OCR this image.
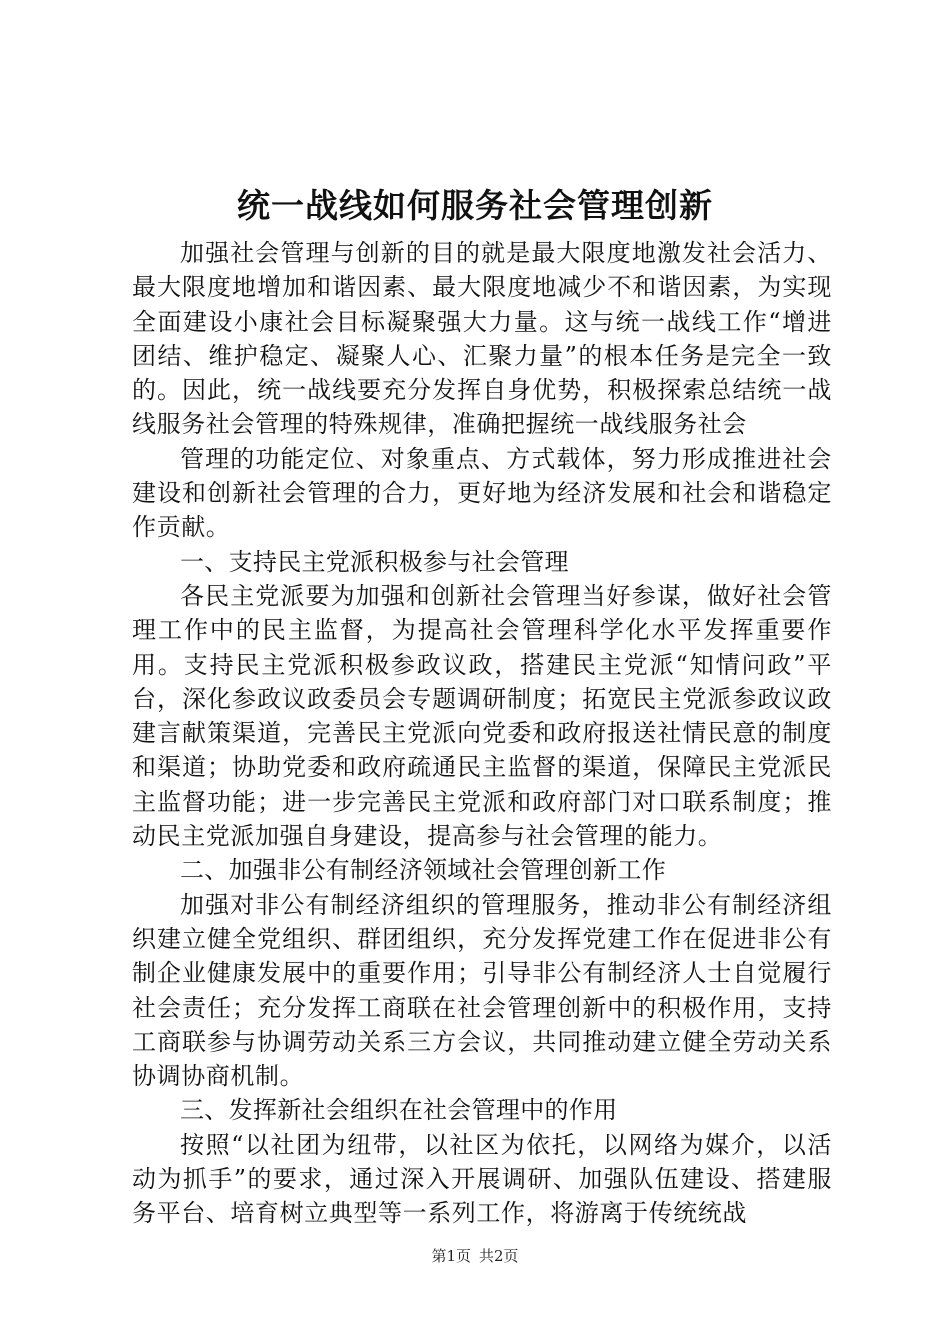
统一战线如何服务社会管理创新

加强社会管理与创新的目的就是最大限度地激发社会活力、最大限度地增加和谐因素、最大限度地减少不和谐因素，为实现全面建设小康社会目标凝聚强大力量。这与统一战线工作“增进团结、维护稳定、凝聚人心、汇聚力量”的根本任务是完全一致的。因此，统一战线要充分发挥自身优势，积极探索总结统一战线服务社会管理的特殊规律，准确把握统一战线服务社会

管理的功能定位、对象重点、方式载体，努力形成推进社会建设和创新社会管理的合力，更好地为经济发展和社会和谐稳定作贡献。

一、支持民主党派积极参与社会管理

各民主党派要为加强和创新社会管理当好参谋，做好社会管理工作中的民主监督，为提高社会管理科学化水平发挥重要作用。支持民主党派积极参政议政，搭建民主党派“知情问政”平台，深化参政议政委员会专题调研制度；拓宽民主党派参政议政建言献策渠道，完善民主党派向党委和政府报送社情民意的制度和渠道；协助党委和政府疏通民主监督的渠道，保障民主党派民主监督功能；进一步完善民主党派和政府部门对口联系制度；推动民主党派加强自身建设，提高参与社会管理的能力。

二、加强非公有制经济领域社会管理创新工作

加强对非公有制经济组织的管理服务，推动非公有制经济组织建立健全党组织、群团组织，充分发挥党建工作在促进非公有制企业健康发展中的重要作用；引导非公有制经济人士自觉履行社会责任；充分发挥工商联在社会管理创新中的积极作用，支持工商联参与协调劳动关系三方会议，共同推动建立健全劳动关系协调协商机制。

三、发挥新社会组织在社会管理中的作用

按照“以社团为纽带，以社区为依托，以网络为媒介，以活动为抓手”的要求，通过深入开展调研、加强队伍建设、搭建服务平台、培育树立典型等一系列工作，将游离于传统统战

第1页 共2页
